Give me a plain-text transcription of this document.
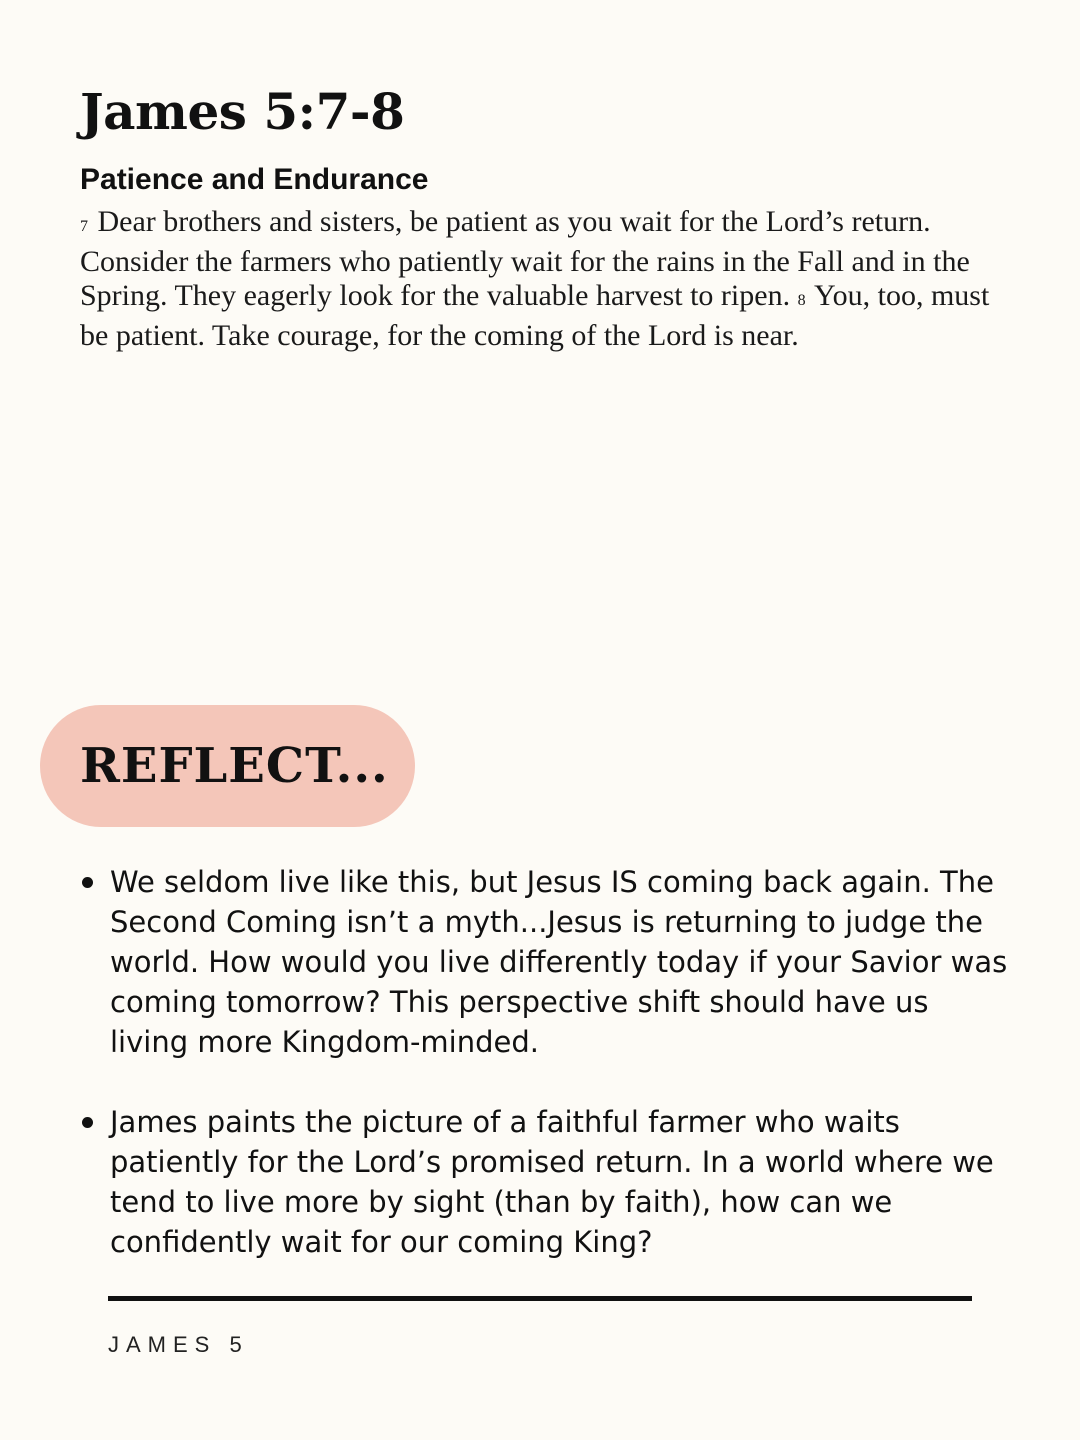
James 5:7-8
Patience and Endurance

7 Dear brothers and sisters, be patient as you wait for the Lord’s return. Consider the farmers who patiently wait for the rains in the Fall and in the Spring. They eagerly look for the valuable harvest to ripen. 8 You, too, must be patient. Take courage, for the coming of the Lord is near.

REFLECT...
We seldom live like this, but Jesus IS coming back again. The Second Coming isn’t a myth...Jesus is returning to judge the world. How would you live differently today if your Savior was coming tomorrow? This perspective shift should have us living more Kingdom-minded.
James paints the picture of a faithful farmer who waits patiently for the Lord’s promised return. In a world where we tend to live more by sight (than by faith), how can we confidently wait for our coming King?
JAMES 5
